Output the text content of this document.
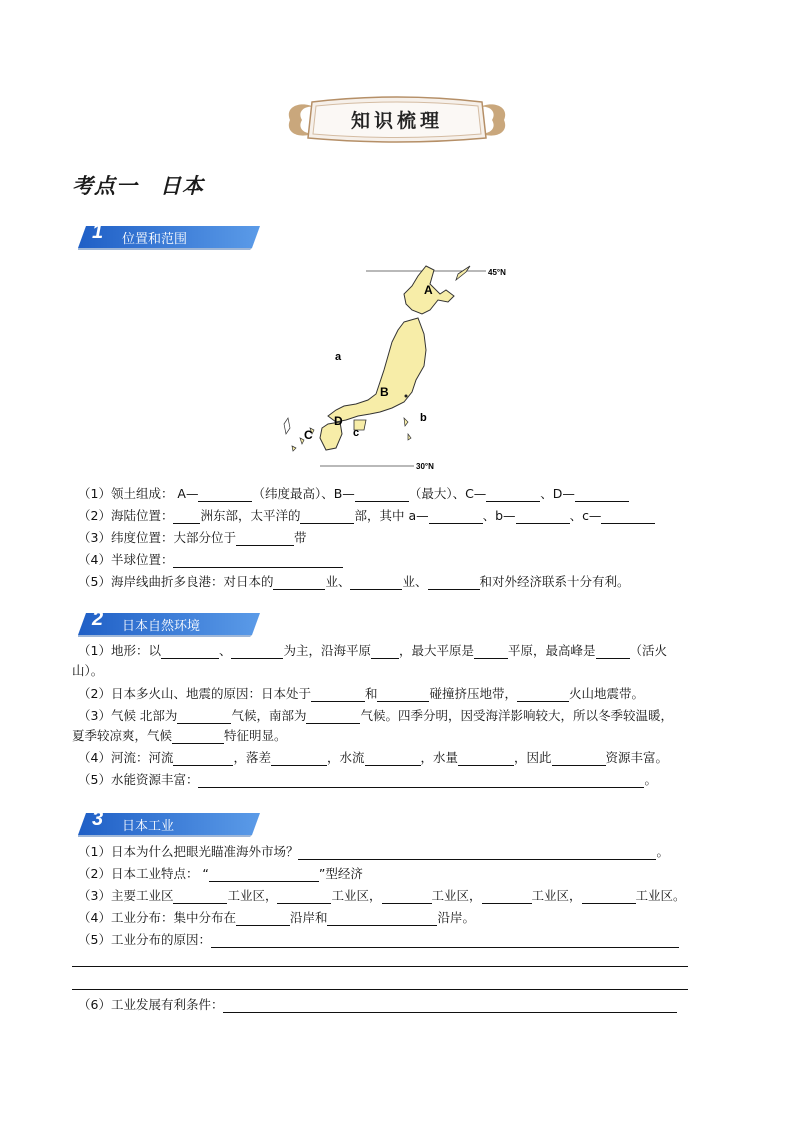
知识梳理
考点一 日本
1 位置和范围
45°N
30°N
A
B
C
D
a
b
c
（1）领土组成： A—	（纬度最高）、B—	（最大）、C—	、D—
（2）海陆位置： 洲东部，太平洋的	部，其中 a—	、b—	、c—
（3）纬度位置：大部分位于	带
（4）半球位置：
（5）海岸线曲折多良港：对日本的	业、	业、	和对外经济联系十分有利。
2 日本自然环境
（1）地形：以	、	为主，沿海平原 ，最大平原是	平原，最高峰是	（活火
山）。
（2）日本多火山、地震的原因：日本处于	和	碰撞挤压地带，	火山地震带。
（3）气候 北部为	气候，南部为	气候。四季分明，因受海洋影响较大，所以冬季较温暖，
夏季较凉爽，气候	特征明显。
（4）河流：河流	，落差	，水流	，水量	，因此	资源丰富。
（5）水能资源丰富：	。
3 日本工业
（1）日本为什么把眼光瞄准海外市场？	。
（2）日本工业特点： “	”型经济
（3）主要工业区	工业区，	工业区，	工业区，	工业区，	工业区。
（4）工业分布：集中分布在	沿岸和	沿岸。
（5）工业分布的原因：
（6）工业发展有利条件：
